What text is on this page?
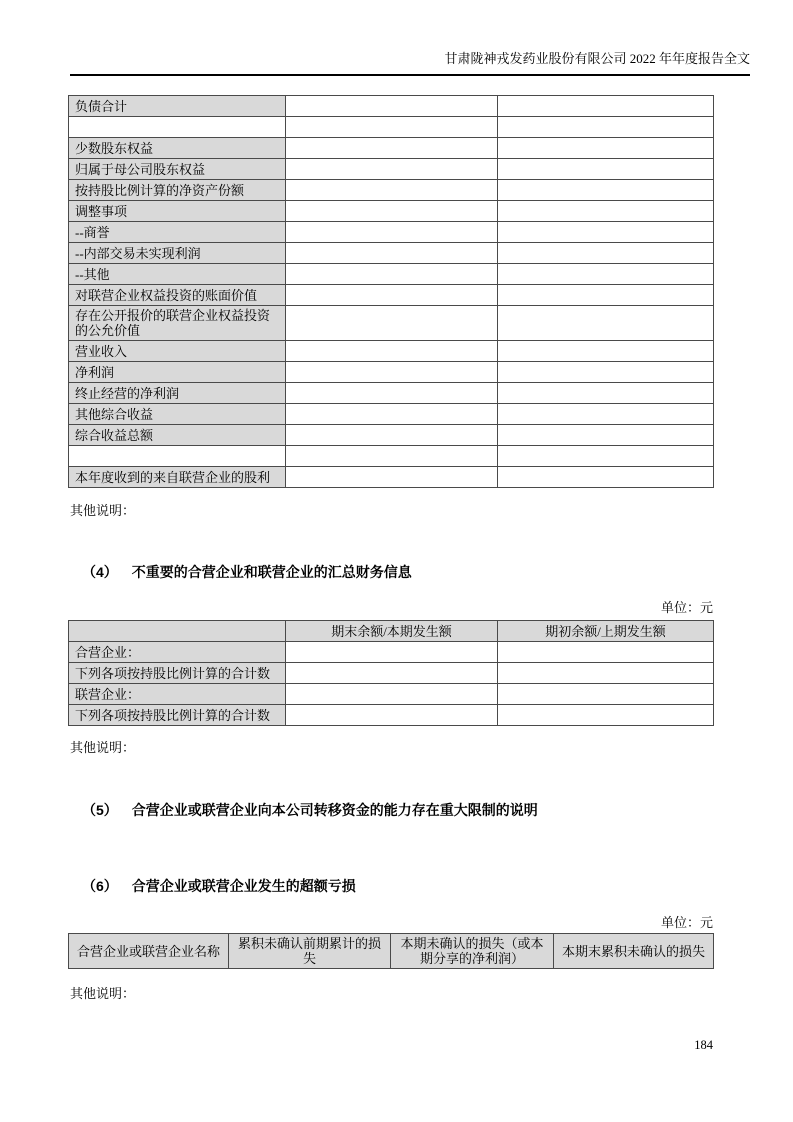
甘肃陇神戎发药业股份有限公司 2022 年年度报告全文
负债合计		

少数股东权益		
归属于母公司股东权益		
按持股比例计算的净资产份额		
调整事项		
--商誉		
--内部交易未实现利润		
--其他		
对联营企业权益投资的账面价值		
存在公开报价的联营企业权益投资的公允价值		
营业收入		
净利润		
终止经营的净利润		
其他综合收益		
综合收益总额		

本年度收到的来自联营企业的股利		
其他说明：
（4） 不重要的合营企业和联营企业的汇总财务信息
单位：元
	期末余额/本期发生额	期初余额/上期发生额
合营企业：		
下列各项按持股比例计算的合计数		
联营企业：		
下列各项按持股比例计算的合计数		
其他说明：
（5） 合营企业或联营企业向本公司转移资金的能力存在重大限制的说明
（6） 合营企业或联营企业发生的超额亏损
单位：元
合营企业或联营企业名称	累积未确认前期累计的损失	本期未确认的损失（或本期分享的净利润）	本期末累积未确认的损失
其他说明：
184
